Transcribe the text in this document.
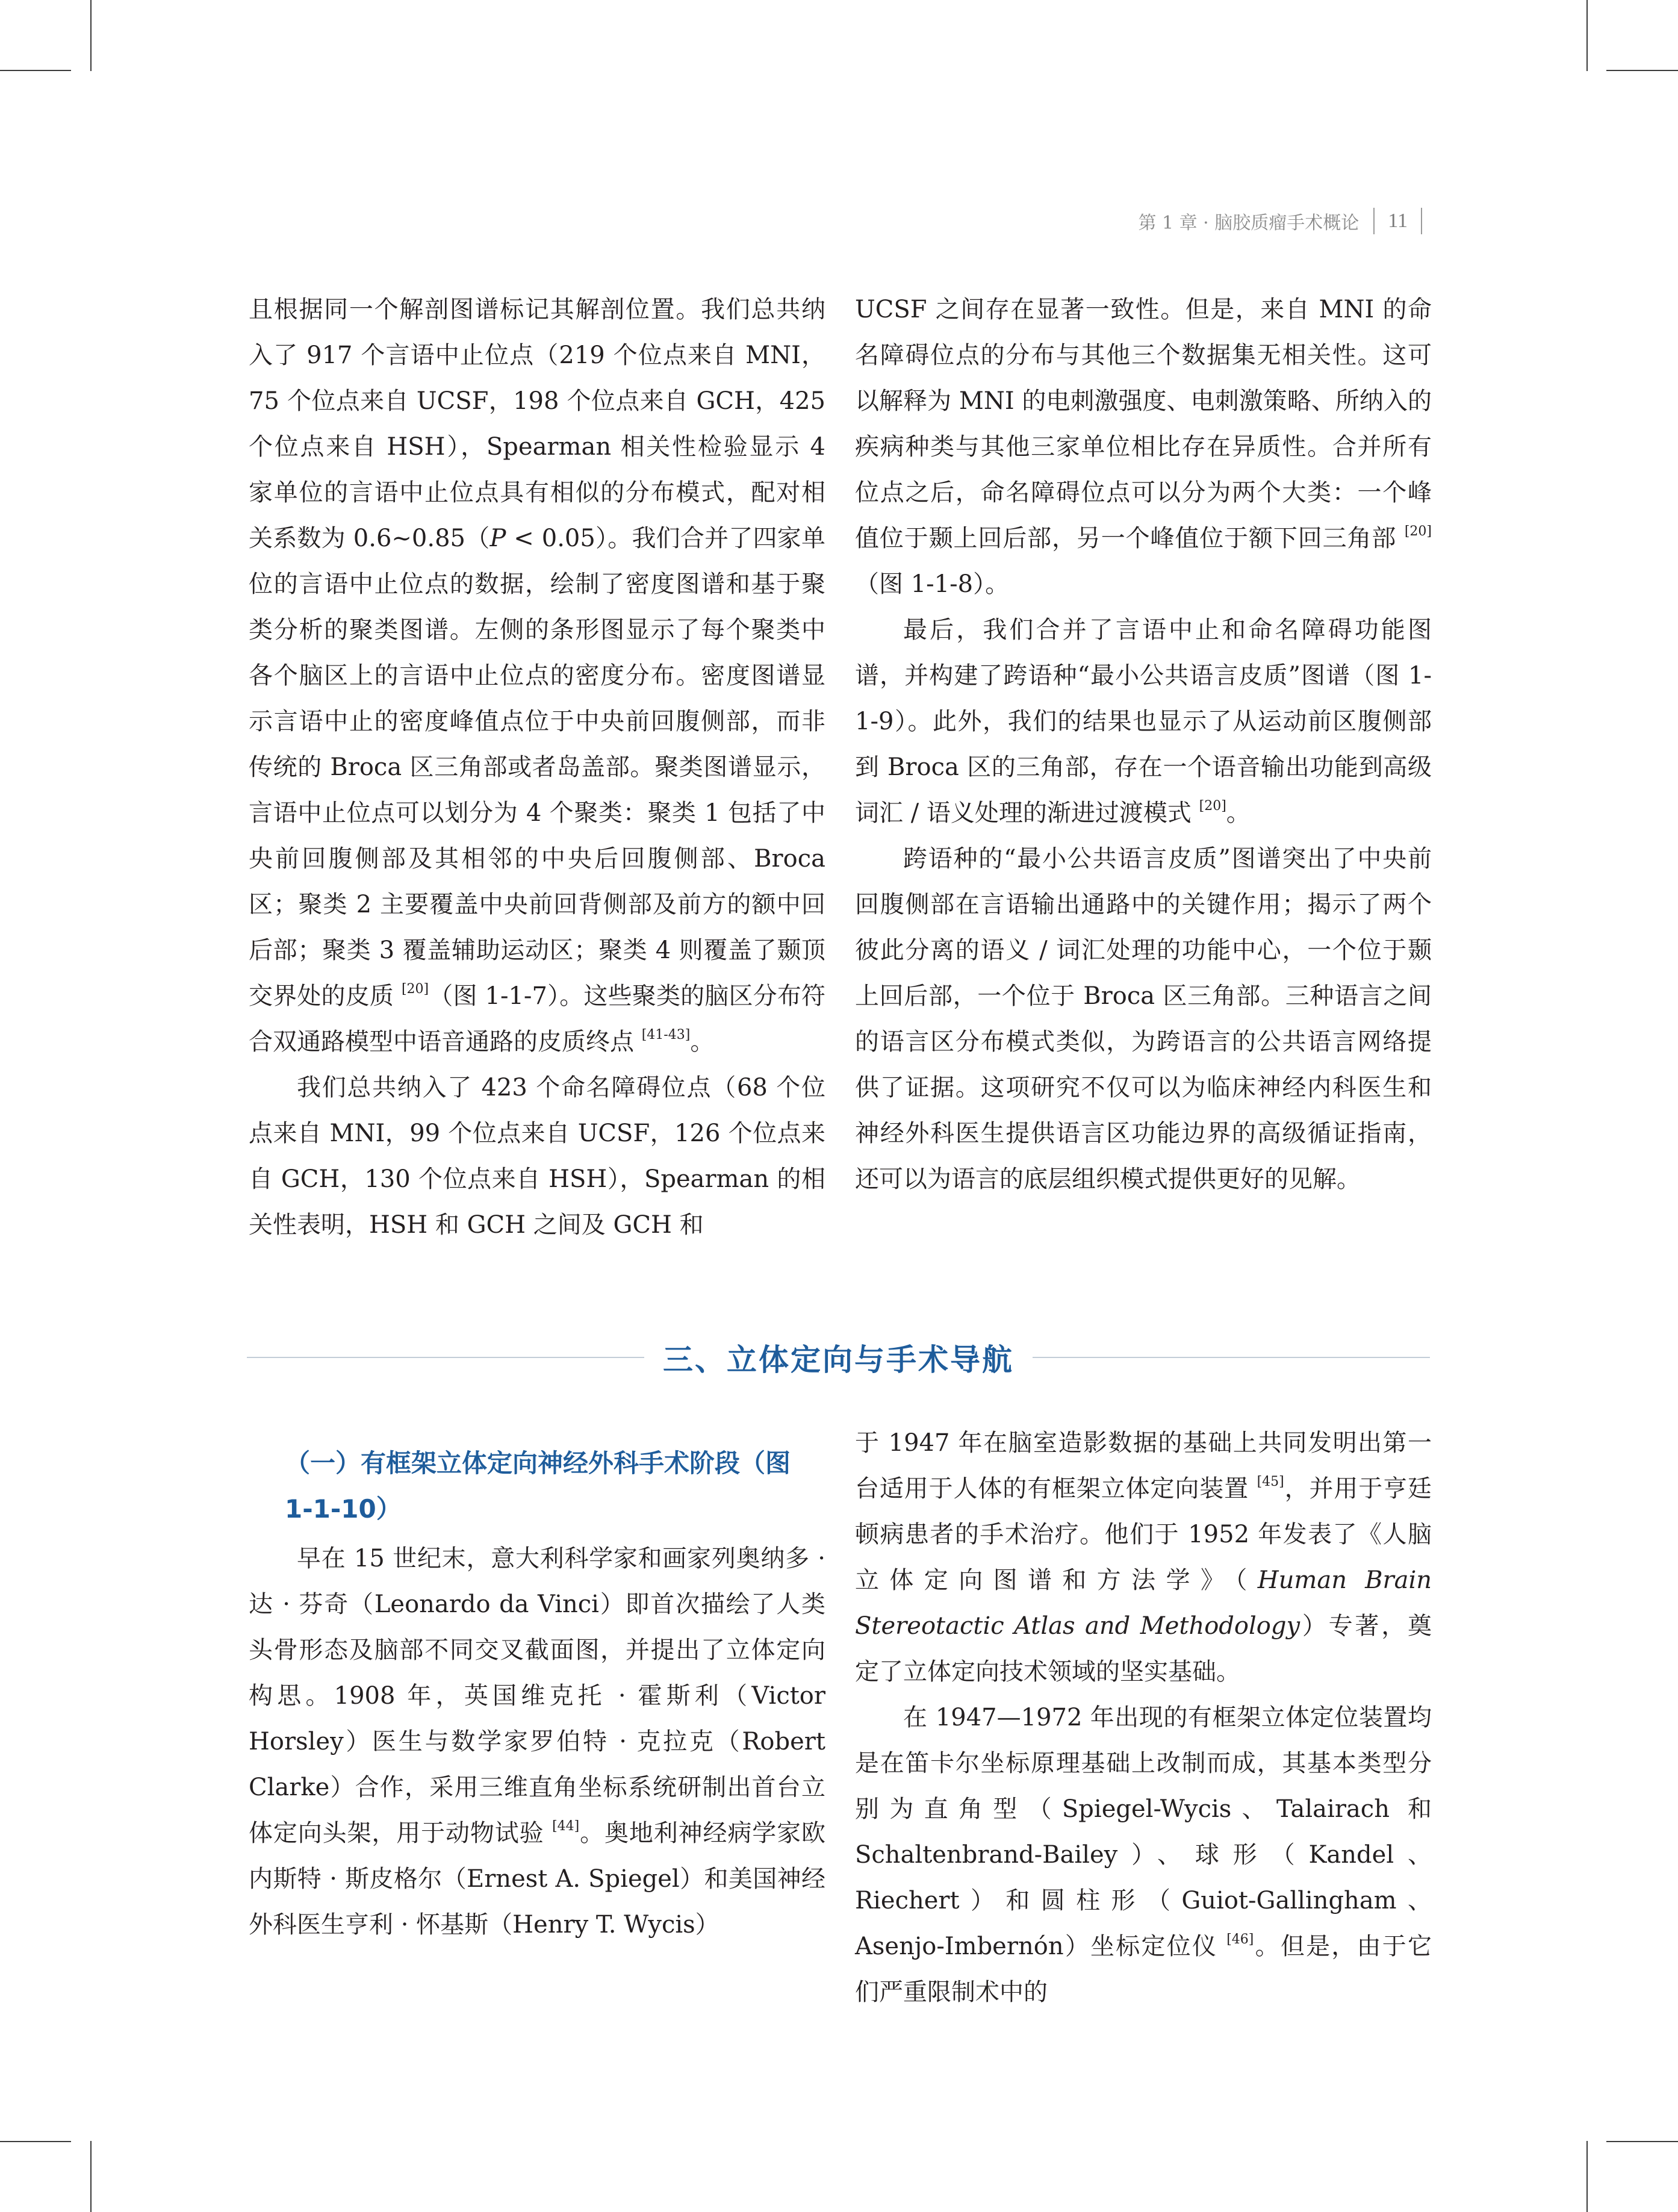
第 1 章 · 脑胶质瘤手术概论 11

且根据同一个解剖图谱标记其解剖位置。我们总共纳入了 917 个言语中止位点（219 个位点来自 MNI，75 个位点来自 UCSF，198 个位点来自 GCH，425 个位点来自 HSH），Spearman 相关性检验显示 4 家单位的言语中止位点具有相似的分布模式，配对相关系数为 0.6~0.85（P < 0.05）。我们合并了四家单位的言语中止位点的数据，绘制了密度图谱和基于聚类分析的聚类图谱。左侧的条形图显示了每个聚类中各个脑区上的言语中止位点的密度分布。密度图谱显示言语中止的密度峰值点位于中央前回腹侧部，而非传统的 Broca 区三角部或者岛盖部。聚类图谱显示，言语中止位点可以划分为 4 个聚类：聚类 1 包括了中央前回腹侧部及其相邻的中央后回腹侧部、Broca 区；聚类 2 主要覆盖中央前回背侧部及前方的额中回后部；聚类 3 覆盖辅助运动区；聚类 4 则覆盖了颞顶交界处的皮质 [20]（图 1-1-7）。这些聚类的脑区分布符合双通路模型中语音通路的皮质终点 [41-43]。

我们总共纳入了 423 个命名障碍位点（68 个位点来自 MNI，99 个位点来自 UCSF，126 个位点来自 GCH，130 个位点来自 HSH），Spearman 的相关性表明，HSH 和 GCH 之间及 GCH 和

UCSF 之间存在显著一致性。但是，来自 MNI 的命名障碍位点的分布与其他三个数据集无相关性。这可以解释为 MNI 的电刺激强度、电刺激策略、所纳入的疾病种类与其他三家单位相比存在异质性。合并所有位点之后，命名障碍位点可以分为两个大类：一个峰值位于颞上回后部，另一个峰值位于额下回三角部 [20]（图 1-1-8）。

最后，我们合并了言语中止和命名障碍功能图谱，并构建了跨语种“最小公共语言皮质”图谱（图 1-1-9）。此外，我们的结果也显示了从运动前区腹侧部到 Broca 区的三角部，存在一个语音输出功能到高级词汇 / 语义处理的渐进过渡模式 [20]。

跨语种的“最小公共语言皮质”图谱突出了中央前回腹侧部在言语输出通路中的关键作用；揭示了两个彼此分离的语义 / 词汇处理的功能中心，一个位于颞上回后部，一个位于 Broca 区三角部。三种语言之间的语言区分布模式类似，为跨语言的公共语言网络提供了证据。这项研究不仅可以为临床神经内科医生和神经外科医生提供语言区功能边界的高级循证指南，还可以为语言的底层组织模式提供更好的见解。

三、立体定向与手术导航
（一）有框架立体定向神经外科手术阶段（图 1-1-10）

早在 15 世纪末，意大利科学家和画家列奥纳多 · 达 · 芬奇（Leonardo da Vinci）即首次描绘了人类头骨形态及脑部不同交叉截面图，并提出了立体定向构思。1908 年，英国维克托 · 霍斯利（Victor Horsley）医生与数学家罗伯特 · 克拉克（Robert Clarke）合作，采用三维直角坐标系统研制出首台立体定向头架，用于动物试验 [44]。奥地利神经病学家欧内斯特 · 斯皮格尔（Ernest A. Spiegel）和美国神经外科医生亨利 · 怀基斯（Henry T. Wycis）

于 1947 年在脑室造影数据的基础上共同发明出第一台适用于人体的有框架立体定向装置 [45]，并用于亨廷顿病患者的手术治疗。他们于 1952 年发表了《人脑立体定向图谱和方法学》（Human Brain Stereotactic Atlas and Methodology）专著，奠定了立体定向技术领域的坚实基础。

在 1947—1972 年出现的有框架立体定位装置均是在笛卡尔坐标原理基础上改制而成，其基本类型分别为直角型（Spiegel-Wycis、Talairach 和 Schaltenbrand-Bailey）、球形（Kandel、Riechert）和圆柱形（Guiot-Gallingham、Asenjo-Imbernón）坐标定位仪 [46]。但是，由于它们严重限制术中的
